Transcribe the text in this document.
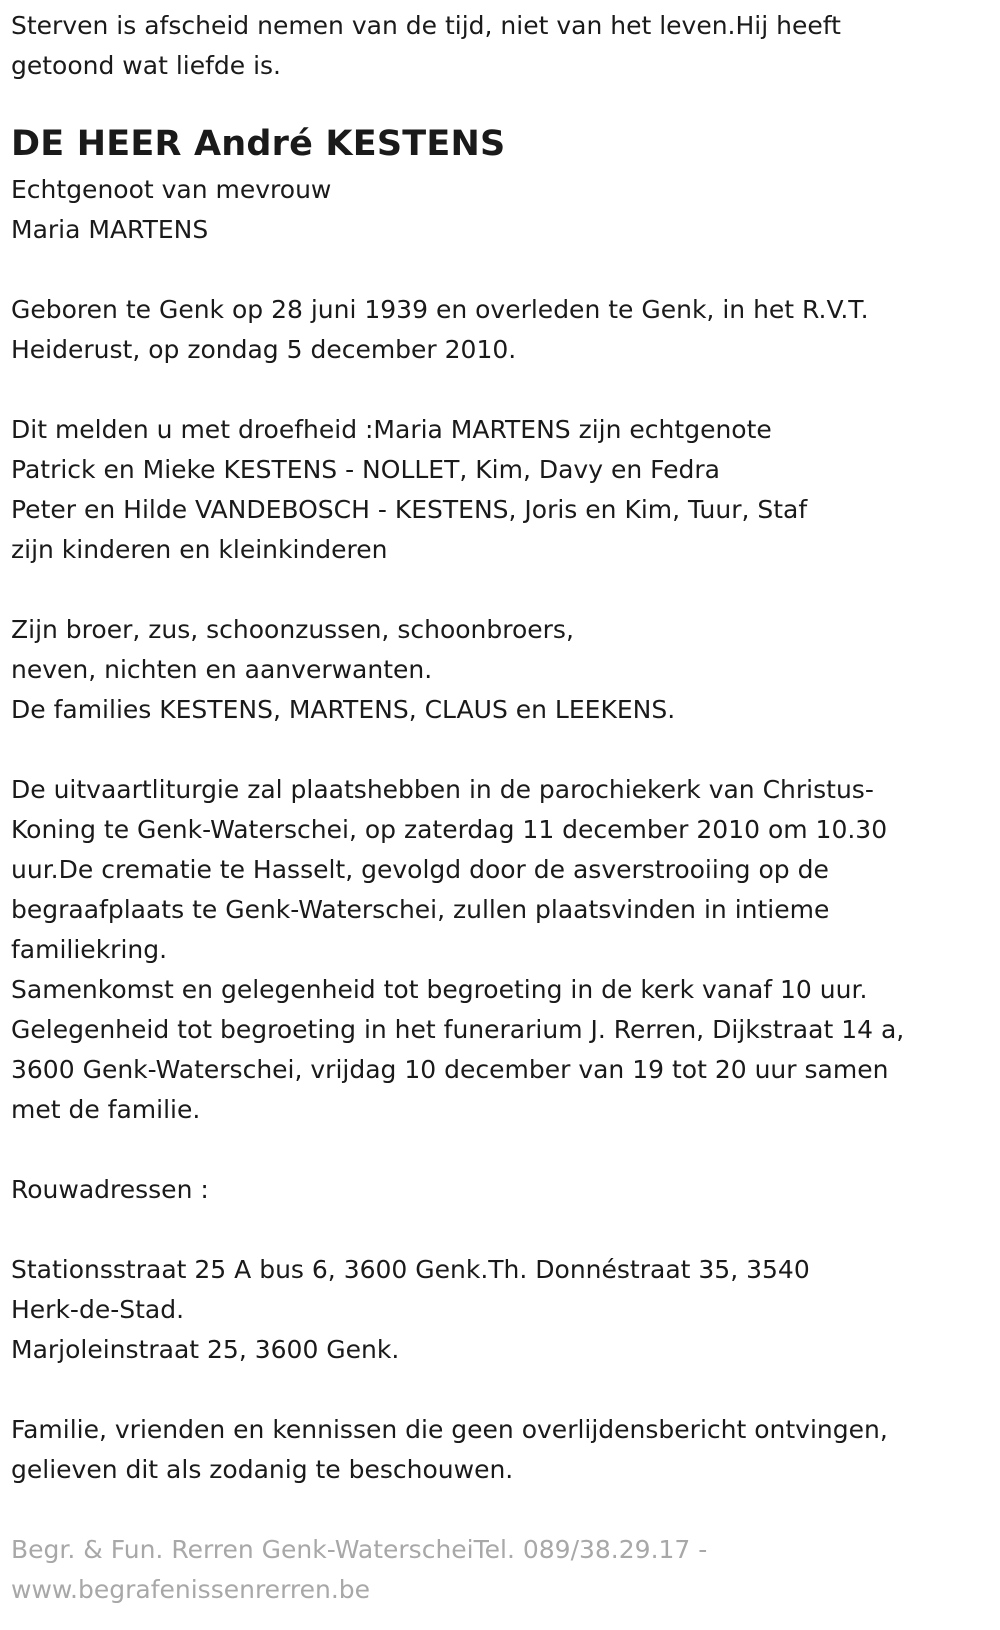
Sterven is afscheid nemen van de tijd, niet van het leven.Hij heeft
getoond wat liefde is.

DE HEER André KESTENS
Echtgenoot van mevrouw
Maria MARTENS
Geboren te Genk op 28 juni 1939 en overleden te Genk, in het R.V.T.
Heiderust, op zondag 5 december 2010.
Dit melden u met droefheid :Maria MARTENS zijn echtgenote
Patrick en Mieke KESTENS - NOLLET, Kim, Davy en Fedra
Peter en Hilde VANDEBOSCH - KESTENS, Joris en Kim, Tuur, Staf
zijn kinderen en kleinkinderen
Zijn broer, zus, schoonzussen, schoonbroers,
neven, nichten en aanverwanten.
De families KESTENS, MARTENS, CLAUS en LEEKENS.
De uitvaartliturgie zal plaatshebben in de parochiekerk van Christus-
Koning te Genk-Waterschei, op zaterdag 11 december 2010 om 10.30
uur.De crematie te Hasselt, gevolgd door de asverstrooiing op de
begraafplaats te Genk-Waterschei, zullen plaatsvinden in intieme
familiekring.
Samenkomst en gelegenheid tot begroeting in de kerk vanaf 10 uur.
Gelegenheid tot begroeting in het funerarium J. Rerren, Dijkstraat 14 a,
3600 Genk-Waterschei, vrijdag 10 december van 19 tot 20 uur samen
met de familie.
Rouwadressen :
Stationsstraat 25 A bus 6, 3600 Genk.Th. Donnéstraat 35, 3540
Herk-de-Stad.
Marjoleinstraat 25, 3600 Genk.
Familie, vrienden en kennissen die geen overlijdensbericht ontvingen,
gelieven dit als zodanig te beschouwen.
Begr. & Fun. Rerren Genk-WaterscheiTel. 089/38.29.17 -
www.begrafenissenrerren.be
